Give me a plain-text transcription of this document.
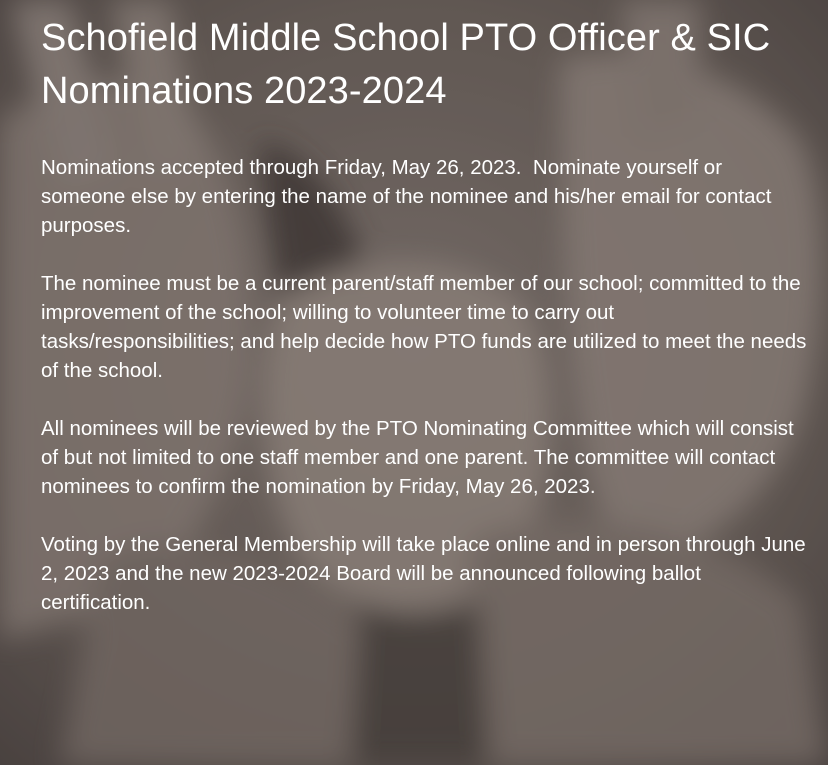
Schofield Middle School PTO Officer & SIC Nominations 2023-2024

Nominations accepted through Friday, May 26, 2023.  Nominate yourself or someone else by entering the name of the nominee and his/her email for contact purposes.

The nominee must be a current parent/staff member of our school; committed to the improvement of the school; willing to volunteer time to carry out tasks/responsibilities; and help decide how PTO funds are utilized to meet the needs of the school.

All nominees will be reviewed by the PTO Nominating Committee which will consist of but not limited to one staff member and one parent. The committee will contact nominees to confirm the nomination by Friday, May 26, 2023.

Voting by the General Membership will take place online and in person through June 2, 2023 and the new 2023-2024 Board will be announced following ballot certification.
